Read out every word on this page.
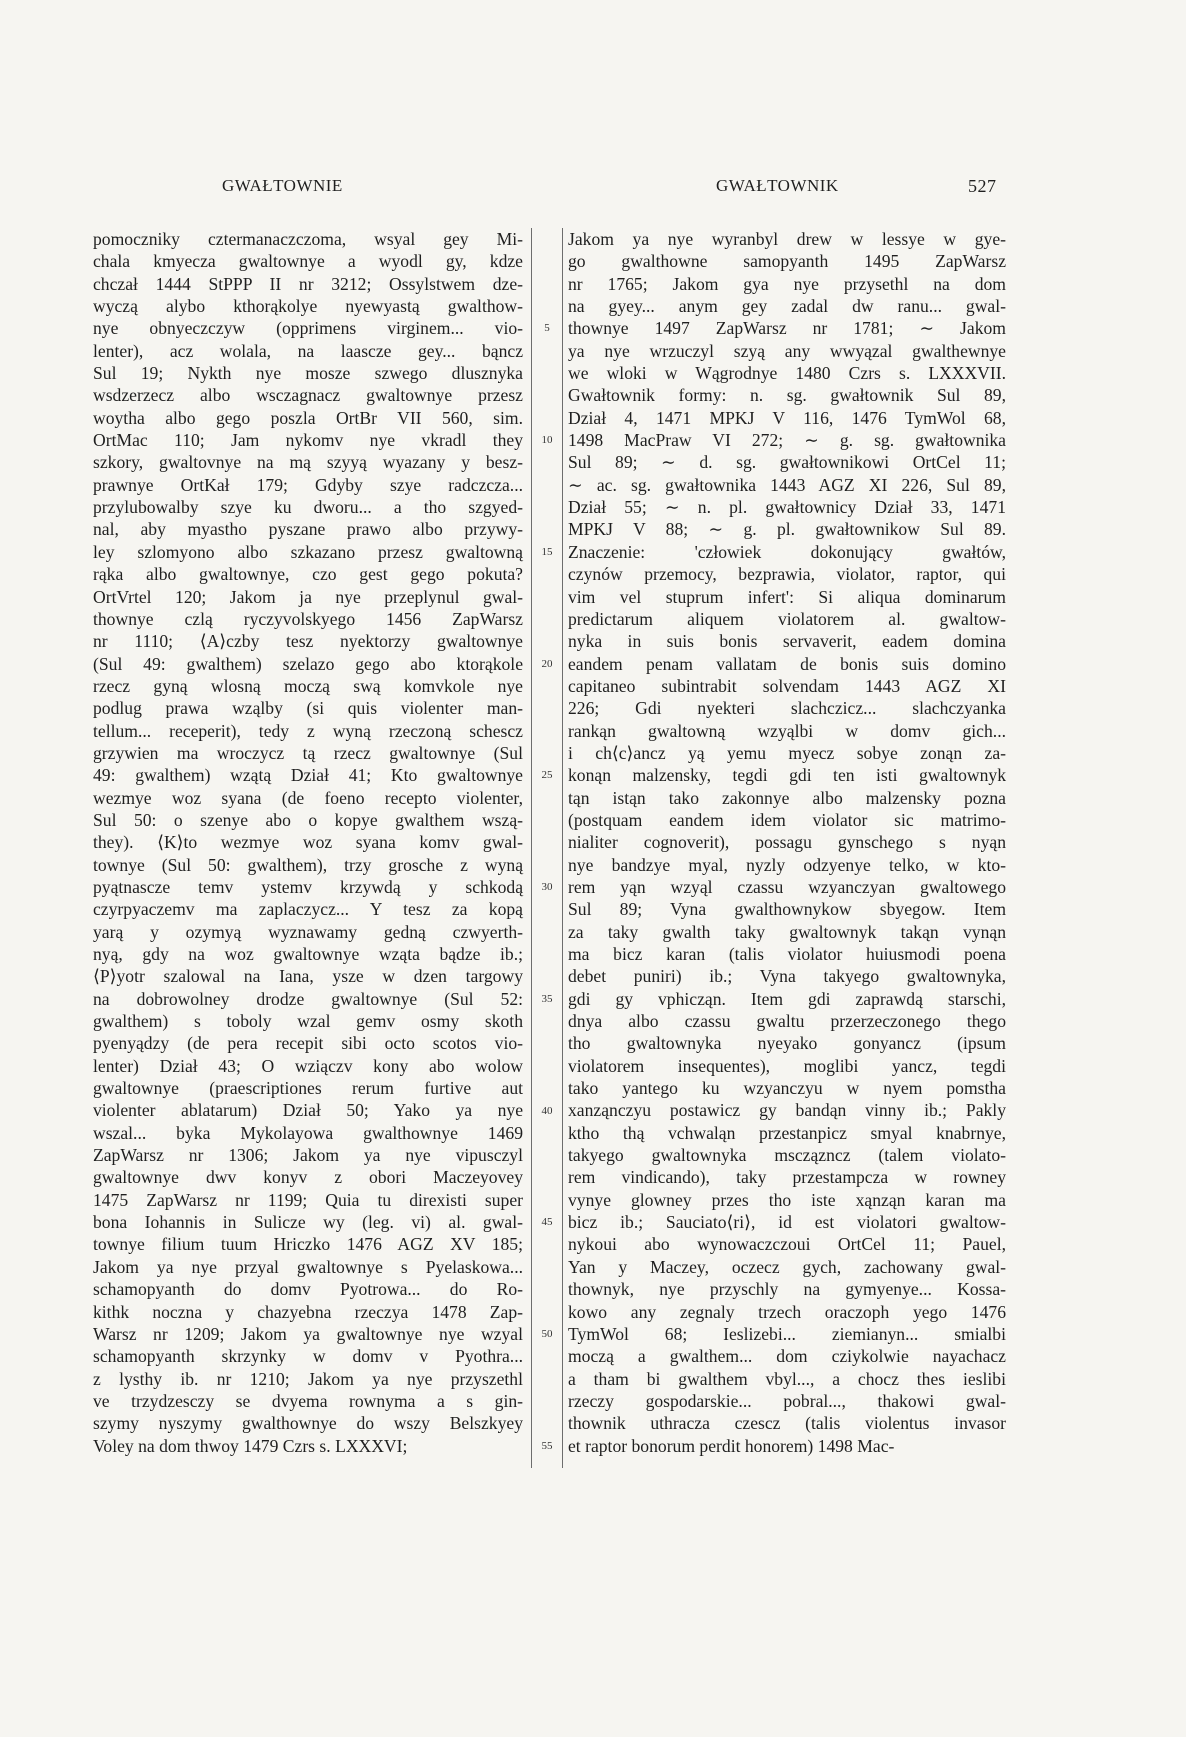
GWAŁTOWNIE	GWAŁTOWNIK	527
5
10
15
20
25
30
35
40
45
50
55
pomoczniky cztermanaczczoma, wsyal gey Mi-
chala kmyecza gwaltownye a wyodl gy, kdze
chczał 1444 StPPP II nr 3212; Ossylstwem dze-
wyczą alybo kthorąkolye nyewyastą gwalthow-
nye obnyeczczyw (opprimens virginem... vio-
lenter), acz wolala, na laascze gey... bąncz
Sul 19; Nykth nye mosze szwego dlusznyka
wsdzerzecz albo wsczagnacz gwaltownye przesz
woytha albo gego poszla OrtBr VII 560, sim.
OrtMac 110; Jam nykomv nye vkradl they
szkory, gwaltovnye na mą szyyą wyazany y besz-
prawnye OrtKał 179; Gdyby szye radczcza...
przylubowalby szye ku dworu... a tho szgyed-
nal, aby myastho pyszane prawo albo przywy-
ley szlomyono albo szkazano przesz gwaltowną
rąka albo gwaltownye, czo gest gego pokuta?
OrtVrtel 120; Jakom ja nye przeplynul gwal-
thownye czlą ryczyvolskyego 1456 ZapWarsz
nr 1110; ⟨A⟩czby tesz nyektorzy gwaltownye
(Sul 49: gwalthem) szelazo gego abo ktorąkole
rzecz gyną wlosną moczą swą komvkole nye
podlug prawa wząlby (si quis violenter man-
tellum... receperit), tedy z wyną rzeczoną schescz
grzywien ma wroczycz tą rzecz gwaltownye (Sul
49: gwalthem) wzątą Dział 41; Kto gwaltownye
wezmye woz syana (de foeno recepto violenter,
Sul 50: o szenye abo o kopye gwalthem wszą-
they). ⟨K⟩to wezmye woz syana komv gwal-
townye (Sul 50: gwalthem), trzy grosche z wyną
pyątnascze temv ystemv krzywdą y schkodą
czyrpyaczemv ma zaplaczycz... Y tesz za kopą
yarą y ozymyą wyznawamy gedną czwyerth-
nyą, gdy na woz gwaltownye wząta bądze ib.;
⟨P⟩yotr szalowal na Iana, ysze w dzen targowy
na dobrowolney drodze gwaltownye (Sul 52:
gwalthem) s toboly wzal gemv osmy skoth
pyenyądzy (de pera recepit sibi octo scotos vio-
lenter) Dział 43; O wziączv kony abo wolow
gwaltownye (praescriptiones rerum furtive aut
violenter ablatarum) Dział 50; Yako ya nye
wszal... byka Mykolayowa gwalthownye 1469
ZapWarsz nr 1306; Jakom ya nye vipusczyl
gwaltownye dwv konyv z obori Maczeyovey
1475 ZapWarsz nr 1199; Quia tu direxisti super
bona Iohannis in Sulicze wy (leg. vi) al. gwal-
townye filium tuum Hriczko 1476 AGZ XV 185;
Jakom ya nye przyal gwaltownye s Pyelaskowa...
schamopyanth do domv Pyotrowa... do Ro-
kithk noczna y chazyebna rzeczya 1478 Zap-
Warsz nr 1209; Jakom ya gwaltownye nye wzyal
schamopyanth skrzynky w domv v Pyothra...
z lysthy ib. nr 1210; Jakom ya nye przyszethl
ve trzydzesczy se dvyema rownyma a s gin-
szymy nyszymy gwalthownye do wszy Belszkyey
Voley na dom thwoy 1479 Czrs s. LXXXVI;
Jakom ya nye wyranbyl drew w lessye w gye-
go gwalthowne samopyanth 1495 ZapWarsz
nr 1765; Jakom gya nye przysethl na dom
na gyey... anym gey zadal dw ranu... gwal-
thownye 1497 ZapWarsz nr 1781; ∼ Jakom
ya nye wrzuczyl szyą any wwyązal gwalthewnye
we wloki w Wągrodnye 1480 Czrs s. LXXXVII.
Gwałtownik formy: n. sg. gwałtownik Sul 89,
Dział 4, 1471 MPKJ V 116, 1476 TymWol 68,
1498 MacPraw VI 272; ∼ g. sg. gwałtownika
Sul 89; ∼ d. sg. gwałtownikowi OrtCel 11;
∼ ac. sg. gwałtownika 1443 AGZ XI 226, Sul 89,
Dział 55; ∼ n. pl. gwałtownicy Dział 33, 1471
MPKJ V 88; ∼ g. pl. gwałtownikow Sul 89.
Znaczenie: 'człowiek dokonujący gwałtów,
czynów przemocy, bezprawia, violator, raptor, qui
vim vel stuprum infert': Si aliqua dominarum
predictarum aliquem violatorem al. gwaltow-
nyka in suis bonis servaverit, eadem domina
eandem penam vallatam de bonis suis domino
capitaneo subintrabit solvendam 1443 AGZ XI
226; Gdi nyekteri slachczicz... slachczyanka
rankąn gwaltowną wzyąlbi w domv gich...
i ch⟨c⟩ancz yą yemu myecz sobye zonąn za-
konąn malzensky, tegdi gdi ten isti gwaltownyk
tąn istąn tako zakonnye albo malzensky pozna
(postquam eandem idem violator sic matrimo-
nialiter cognoverit), possagu gynschego s nyąn
nye bandzye myal, nyzly odzyenye telko, w kto-
rem yąn wzyąl czassu wzyanczyan gwaltowego
Sul 89; Vyna gwalthownykow sbyegow. Item
za taky gwalth taky gwaltownyk takąn vynąn
ma bicz karan (talis violator huiusmodi poena
debet puniri) ib.; Vyna takyego gwaltownyka,
gdi gy vphicząn. Item gdi zaprawdą starschi,
dnya albo czassu gwaltu przerzeczonego thego
tho gwaltownyka nyeyako gonyancz (ipsum
violatorem insequentes), moglibi yancz, tegdi
tako yantego ku wzyanczyu w nyem pomstha
xanząnczyu postawicz gy bandąn vinny ib.; Pakly
ktho thą vchwaląn przestanpicz smyal knabrnye,
takyego gwaltownyka msczązncz (talem violato-
rem vindicando), taky przestampcza w rowney
vynye glowney przes tho iste xąnząn karan ma
bicz ib.; Sauciato⟨ri⟩, id est violatori gwaltow-
nykoui abo wynowaczczoui OrtCel 11; Pauel,
Yan y Maczey, oczecz gych, zachowany gwal-
thownyk, nye przyschly na gymyenye... Kossa-
kowo any zegnaly trzech oraczoph yego 1476
TymWol 68; Ieslizebi... ziemianyn... smialbi
moczą a gwalthem... dom cziykolwie nayachacz
a tham bi gwalthem vbyl..., a chocz thes ieslibi
rzeczy gospodarskie... pobral..., thakowi gwal-
thownik uthracza czescz (talis violentus invasor
et raptor bonorum perdit honorem) 1498 Mac-
